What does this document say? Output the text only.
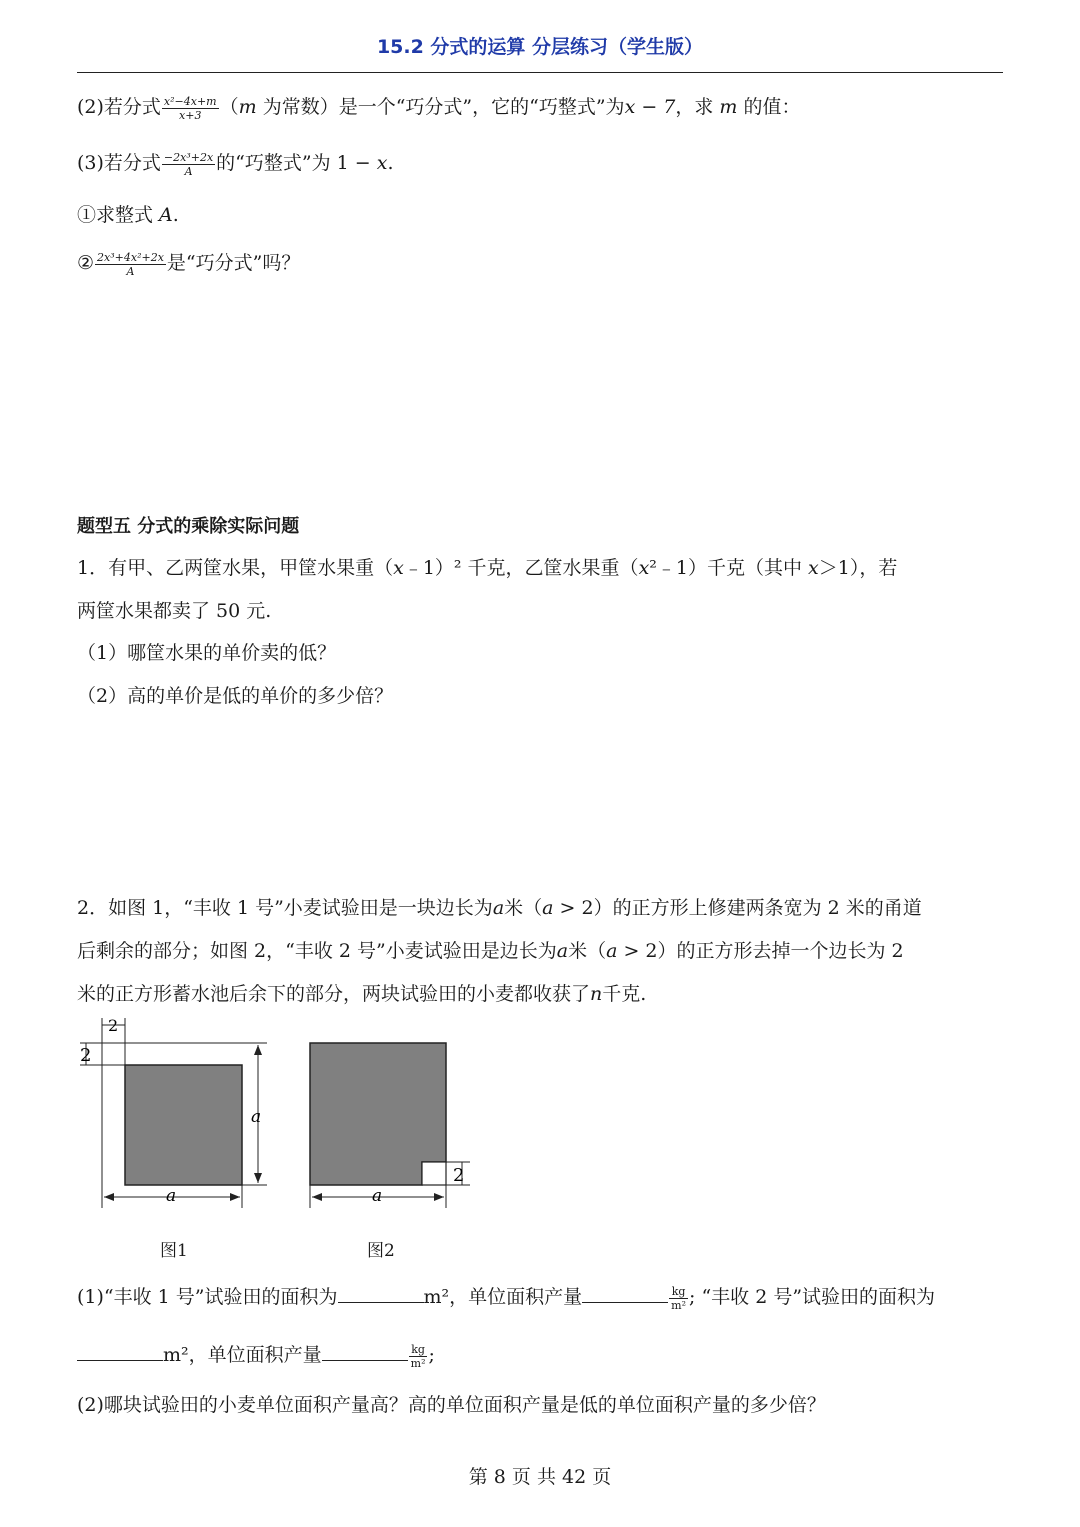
15.2 分式的运算 分层练习（学生版）
(2)若分式 $\frac{\text{x²−4x+m}}{x+3} (m$ 为常数）是一个“巧分式”，它的“巧整式”为x − 7，求 m 的值：
(3)若分式 $\frac{\text{−2x³+2x}}{A}$ 的“巧整式”为 1 − x.
①求整式 A.
② $\frac{\text{2x³+4x²+2x}}{A}$ 是“巧分式”吗？
题型五 分式的乘除实际问题
1．有甲、乙两筐水果，甲筐水果重（x﹣1）² 千克，乙筐水果重（x²﹣1）千克（其中 x＞1），若
两筐水果都卖了 50 元.
（1）哪筐水果的单价卖的低？
（2）高的单价是低的单价的多少倍？
2．如图 1，“丰收 1 号”小麦试验田是一块边长为a米（a > 2）的正方形上修建两条宽为 2 米的甬道
后剩余的部分；如图 2，“丰收 2 号”小麦试验田是边长为a米（a > 2）的正方形去掉一个边长为 2
米的正方形蓄水池后余下的部分，两块试验田的小麦都收获了n千克.
2
2
a
a
2
a
图1	图2
(1)“丰收 1 号”试验田的面积为	m²，单位面积产量	$\frac{kg}{\text{m²}}$ ; “丰收 2 号”试验田的面积为
m²，单位面积产量	$\frac{kg}{\text{m²}}$ ;
(2)哪块试验田的小麦单位面积产量高？高的单位面积产量是低的单位面积产量的多少倍？
第 8 页 共 42 页
